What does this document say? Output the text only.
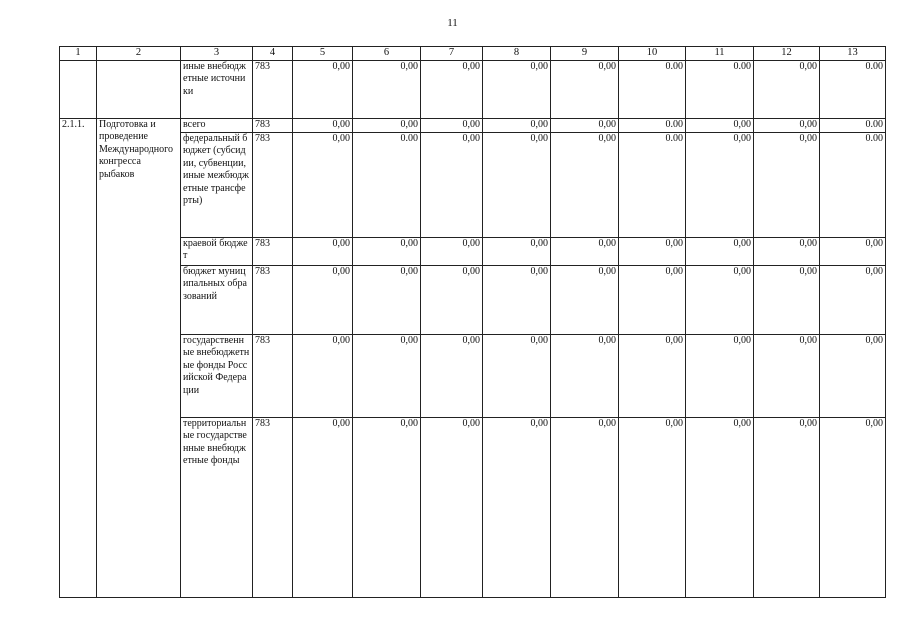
11
1	2	3	4	5	6	7	8	9	10	11	12	13
		иные внебюджетные источники	783	0,00	0,00	0,00	0,00	0,00	0.00	0.00	0,00	0.00
2.1.1.	Подготовка и проведение Международного конгресса рыбаков	всего	783	0,00	0,00	0,00	0,00	0,00	0.00	0,00	0,00	0.00
		федеральный бюджет (субсидии, субвенции, иные межбюджетные трансферты)	783	0,00	0.00	0,00	0,00	0,00	0.00	0,00	0,00	0.00
		краевой бюджет	783	0,00	0,00	0,00	0,00	0,00	0,00	0,00	0,00	0,00
		бюджет муниципальных образований	783	0,00	0,00	0,00	0,00	0,00	0,00	0,00	0,00	0,00
		государственные внебюджетные фонды Российской Федерации	783	0,00	0,00	0,00	0,00	0,00	0,00	0,00	0,00	0,00
		территориальные государственные внебюджетные фонды	783	0,00	0,00	0,00	0,00	0,00	0,00	0,00	0,00	0,00
